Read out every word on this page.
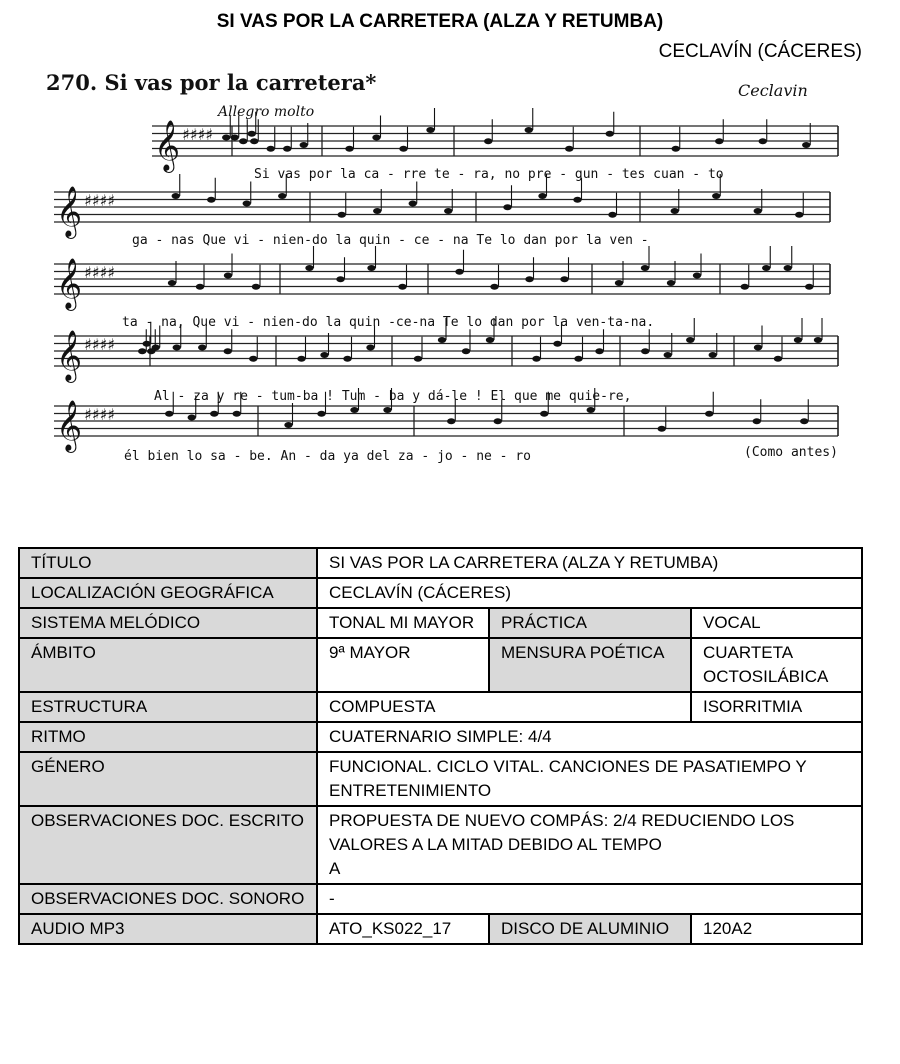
SI VAS POR LA CARRETERA (ALZA Y RETUMBA)
CECLAVÍN (CÁCERES)
270. Si vas por la carretera*	Ceclavin
Allegro molto
𝄞 ♯♯♯♯
𝄞 ♯♯♯♯
𝄞 ♯♯♯♯
𝄞 ♯♯♯♯
𝄞 ♯♯♯♯
Si vas por la ca - rre te - ra, no pre - gun - tes cuan - to
ga - nas Que vi - nien-do la quin - ce - na Te lo dan por la ven -
ta - na, Que vi - nien-do la quin -ce-na Te lo dan por la ven-ta-na.
Al - za y re - tum-ba ! Tum - ba y dá-le ! El que me quie-re,
él bien lo sa - be. An - da ya del za - jo - ne - ro	(Como antes)
TÍTULO	SI VAS POR LA CARRETERA (ALZA Y RETUMBA)		
LOCALIZACIÓN GEOGRÁFICA	CECLAVÍN (CÁCERES)		
SISTEMA MELÓDICO	TONAL MI MAYOR	PRÁCTICA	VOCAL
ÁMBITO	9ª MAYOR	MENSURA POÉTICA	CUARTETA OCTOSILÁBICA
ESTRUCTURA	COMPUESTA		ISORRITMIA
RITMO	CUATERNARIO SIMPLE: 4/4		
GÉNERO	FUNCIONAL. CICLO VITAL. CANCIONES DE PASATIEMPO Y ENTRETENIMIENTO		
OBSERVACIONES DOC. ESCRITO	PROPUESTA DE NUEVO COMPÁS: 2/4 REDUCIENDO LOS VALORES A LA MITAD DEBIDO AL TEMPO
A		
OBSERVACIONES DOC. SONORO	-		
AUDIO MP3	ATO_KS022_17	DISCO DE ALUMINIO	120A2
